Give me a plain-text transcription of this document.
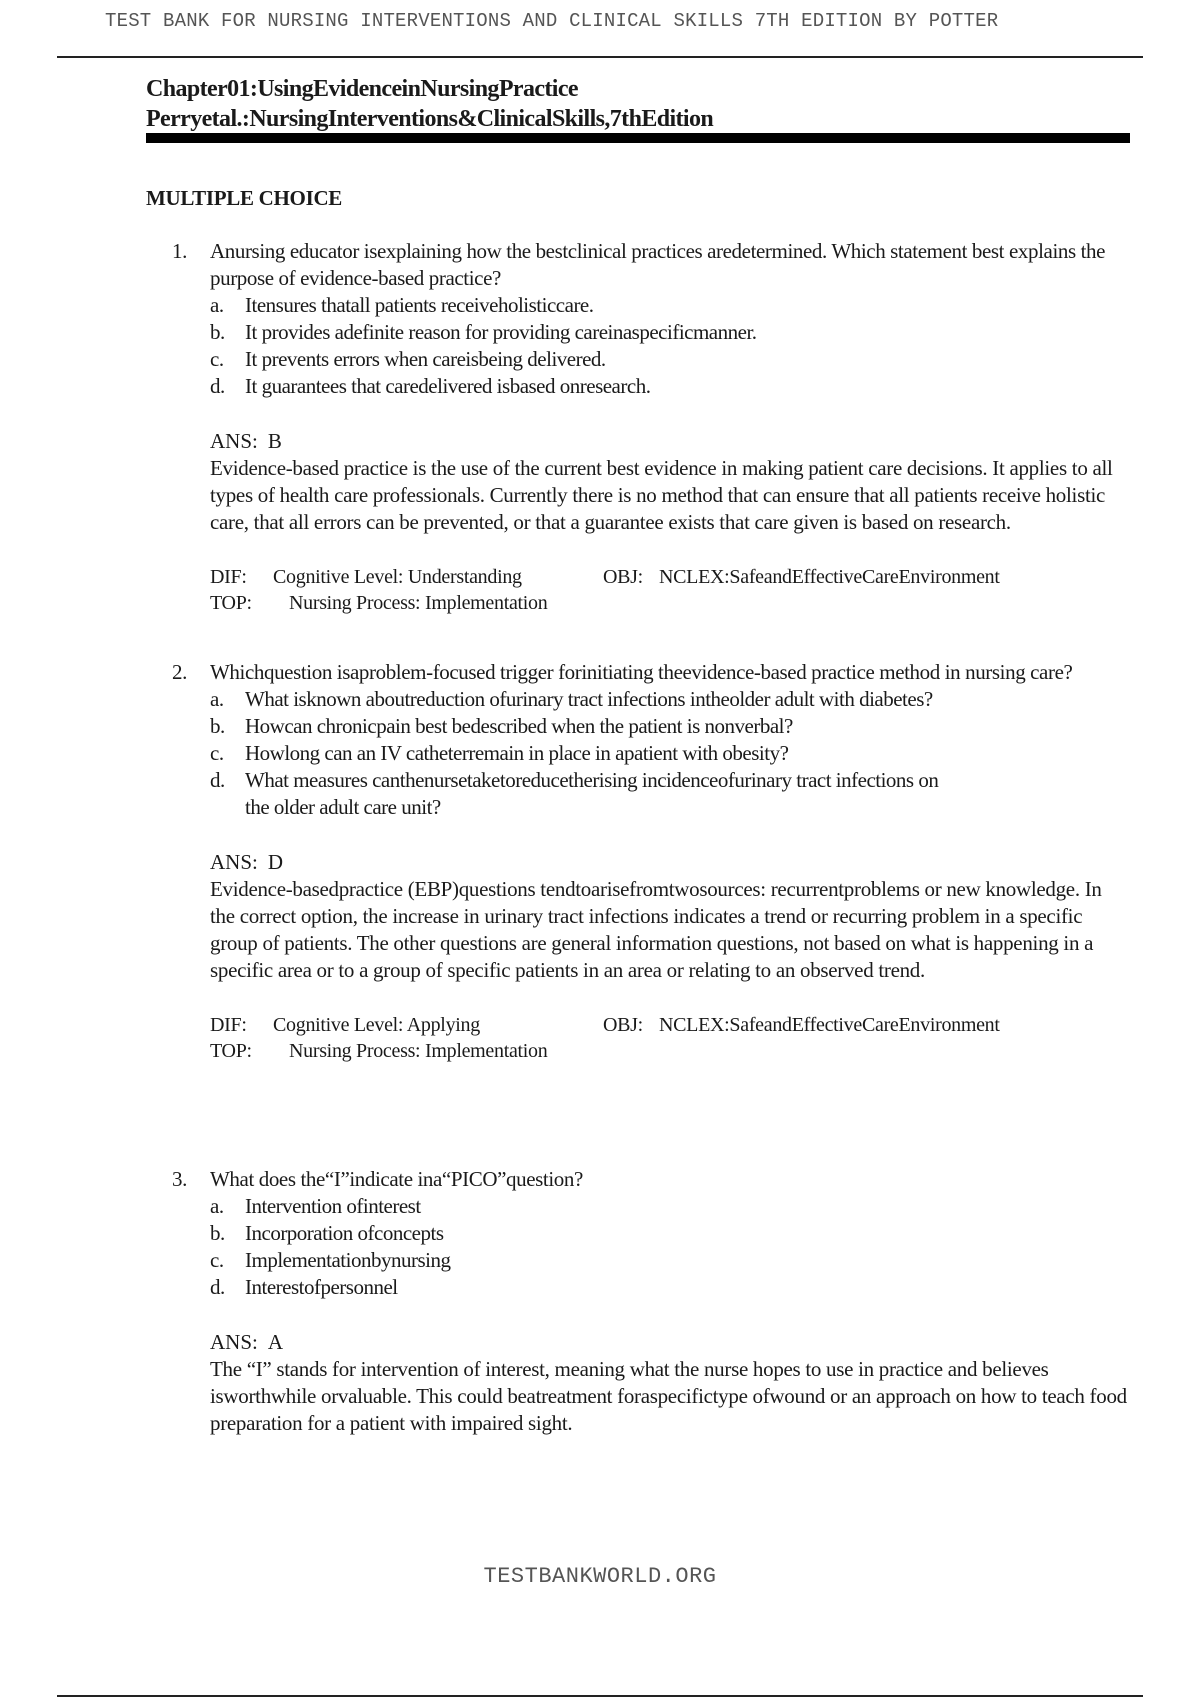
TEST BANK FOR NURSING INTERVENTIONS AND CLINICAL SKILLS 7TH EDITION BY POTTER
Chapter01:UsingEvidenceinNursingPractice
Perryetal.:NursingInterventions&ClinicalSkills,7thEdition
MULTIPLE CHOICE
1. Anursing educator isexplaining how the bestclinical practices aredetermined. Which statement best explains the purpose of evidence-based practice?
a. Itensures thatall patients receiveholisticcare.
b. It provides adefinite reason for providing careinaspecificmanner.
c. It prevents errors when careisbeing delivered.
d. It guarantees that caredelivered isbased onresearch.
ANS: B
Evidence-based practice is the use of the current best evidence in making patient care decisions. It applies to all types of health care professionals. Currently there is no method that can ensure that all patients receive holistic care, that all errors can be prevented, or that a guarantee exists that care given is based on research.
DIF: Cognitive Level: Understanding	OBJ: NCLEX:SafeandEffectiveCareEnvironment
TOP: Nursing Process: Implementation
2. Whichquestion isaproblem-focused trigger forinitiating theevidence-based practice method in nursing care?
a. What isknown aboutreduction ofurinary tract infections intheolder adult with diabetes?
b. Howcan chronicpain best bedescribed when the patient is nonverbal?
c. Howlong can an IV catheterremain in place in apatient with obesity?
d. What measures canthenursetaketoreducetherising incidenceofurinary tract infections on the older adult care unit?
ANS: D
Evidence-basedpractice (EBP)questions tendtoarisefromtwosources: recurrentproblems or new knowledge. In the correct option, the increase in urinary tract infections indicates a trend or recurring problem in a specific group of patients. The other questions are general information questions, not based on what is happening in a specific area or to a group of specific patients in an area or relating to an observed trend.
DIF: Cognitive Level: Applying	OBJ: NCLEX:SafeandEffectiveCareEnvironment
TOP: Nursing Process: Implementation
3. What does the“I”indicate ina“PICO”question?
a. Intervention ofinterest
b. Incorporation ofconcepts
c. Implementationbynursing
d. Interestofpersonnel
ANS: A
The “I” stands for intervention of interest, meaning what the nurse hopes to use in practice and believes isworthwhile orvaluable. This could beatreatment foraspecifictype ofwound or an approach on how to teach food preparation for a patient with impaired sight.
TESTBANKWORLD.ORG
